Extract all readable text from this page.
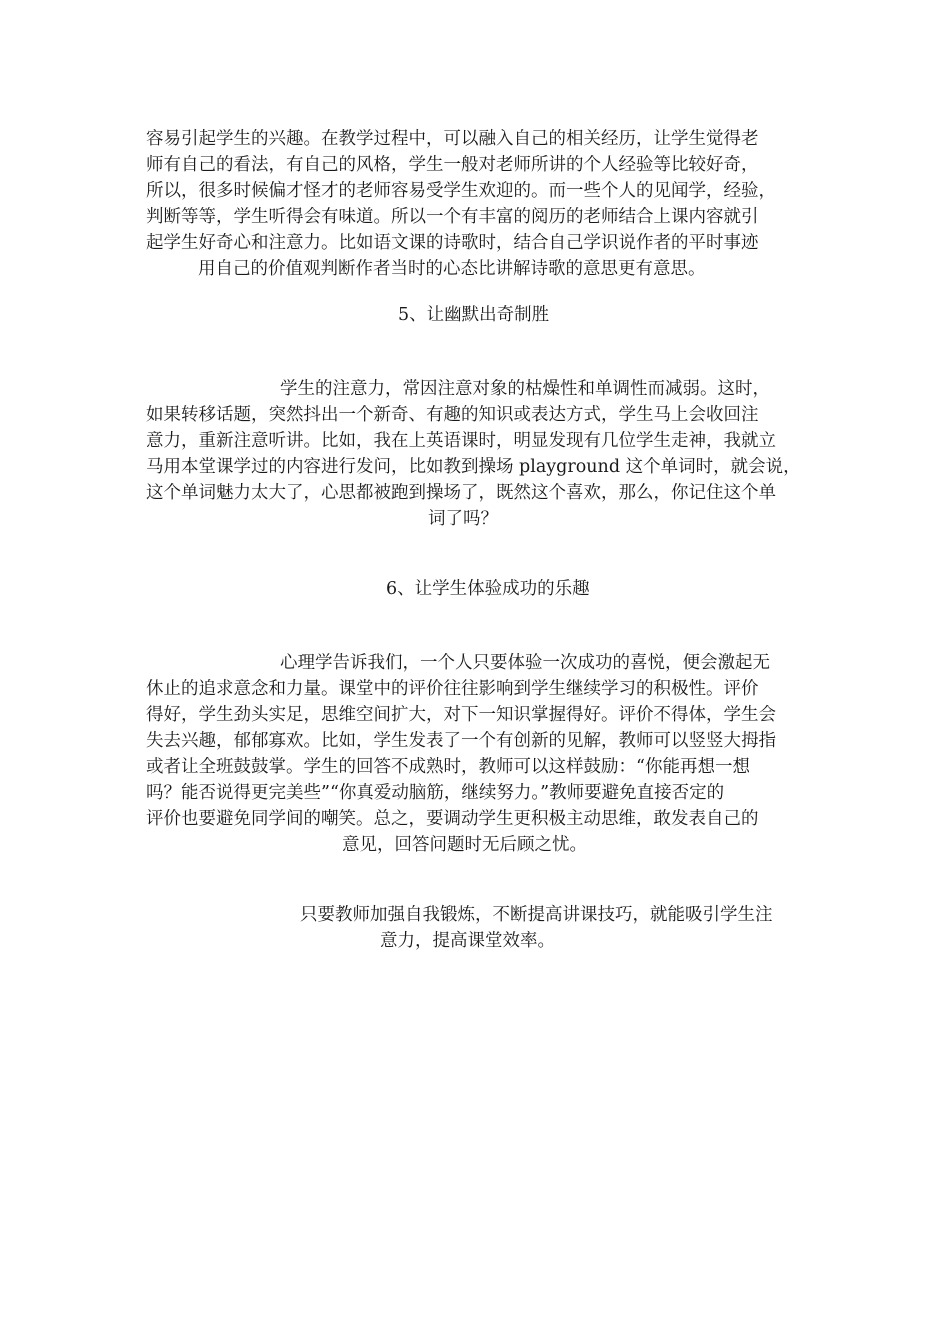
容易引起学生的兴趣。在教学过程中，可以融入自己的相关经历，让学生觉得老
师有自己的看法，有自己的风格，学生一般对老师所讲的个人经验等比较好奇，
所以，很多时候偏才怪才的老师容易受学生欢迎的。而一些个人的见闻学，经验，
判断等等，学生听得会有味道。所以一个有丰富的阅历的老师结合上课内容就引
起学生好奇心和注意力。比如语文课的诗歌时，结合自己学识说作者的平时事迹
用自己的价值观判断作者当时的心态比讲解诗歌的意思更有意思。
5、让幽默出奇制胜
学生的注意力，常因注意对象的枯燥性和单调性而减弱。这时，
如果转移话题，突然抖出一个新奇、有趣的知识或表达方式，学生马上会收回注
意力，重新注意听讲。比如，我在上英语课时，明显发现有几位学生走神，我就立
马用本堂课学过的内容进行发问，比如教到操场 playground 这个单词时，就会说，
这个单词魅力太大了，心思都被跑到操场了，既然这个喜欢，那么，你记住这个单
词了吗？
6、让学生体验成功的乐趣
心理学告诉我们，一个人只要体验一次成功的喜悦，便会激起无
休止的追求意念和力量。课堂中的评价往往影响到学生继续学习的积极性。评价
得好，学生劲头实足，思维空间扩大，对下一知识掌握得好。评价不得体，学生会
失去兴趣，郁郁寡欢。比如，学生发表了一个有创新的见解，教师可以竖竖大拇指
或者让全班鼓鼓掌。学生的回答不成熟时，教师可以这样鼓励：“你能再想一想
吗？能否说得更完美些”“你真爱动脑筋，继续努力。”教师要避免直接否定的
评价也要避免同学间的嘲笑。总之，要调动学生更积极主动思维，敢发表自己的
意见，回答问题时无后顾之忧。
只要教师加强自我锻炼，不断提高讲课技巧，就能吸引学生注
意力，提高课堂效率。
